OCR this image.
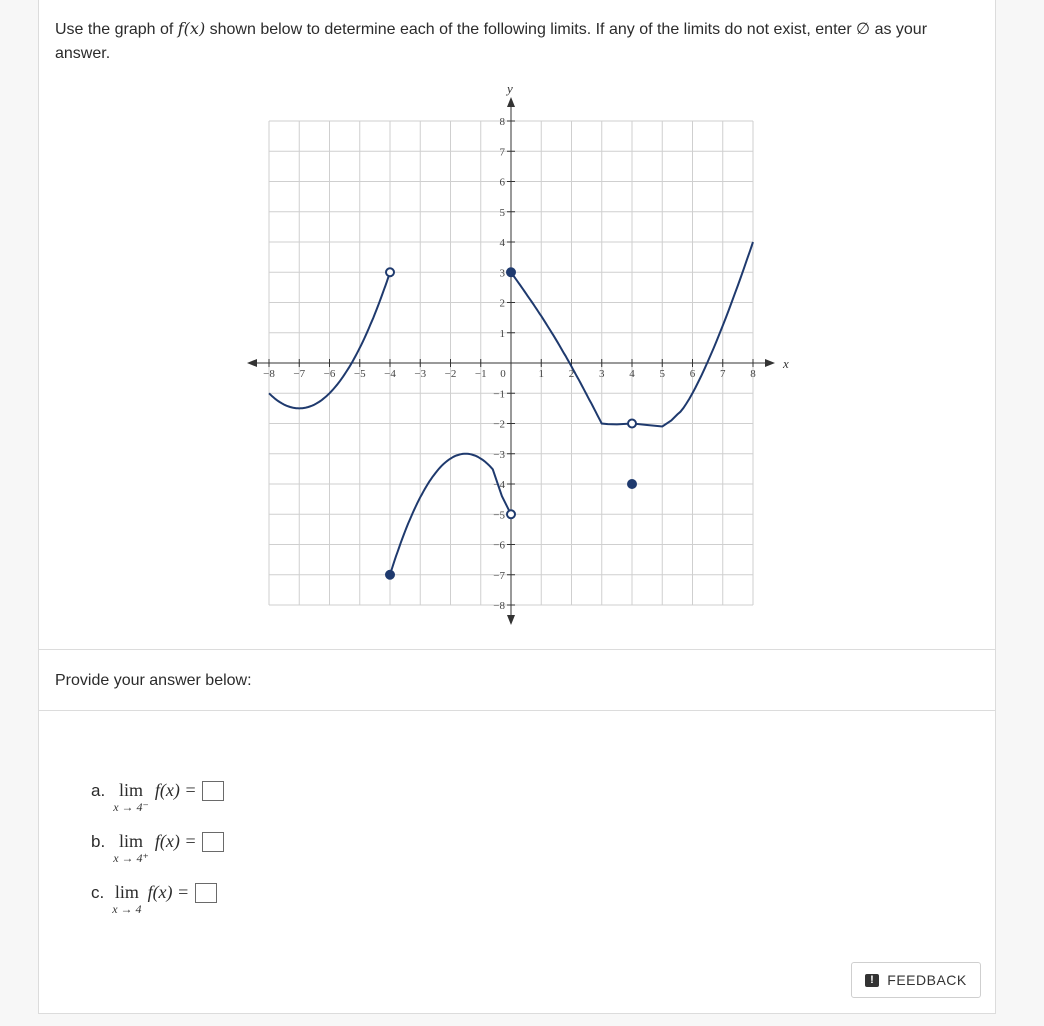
Use the graph of f(x) shown below to determine each of the following limits. If any of the limits do not exist, enter ∅ as your answer.
x
y
−8 −7 −6 −5 −4 −3 −2 −1 0	1 2 3 4 5 6 7 8
8
7
6
5
4
3
2
1
−1
−2
−3
−4
−5
−6
−7
−8
Provide your answer below:
a. lim
x → 4⁻
f(x) =
b. lim
x → 4⁺
f(x) =
c. lim
x → 4
f(x) =
! FEEDBACK
